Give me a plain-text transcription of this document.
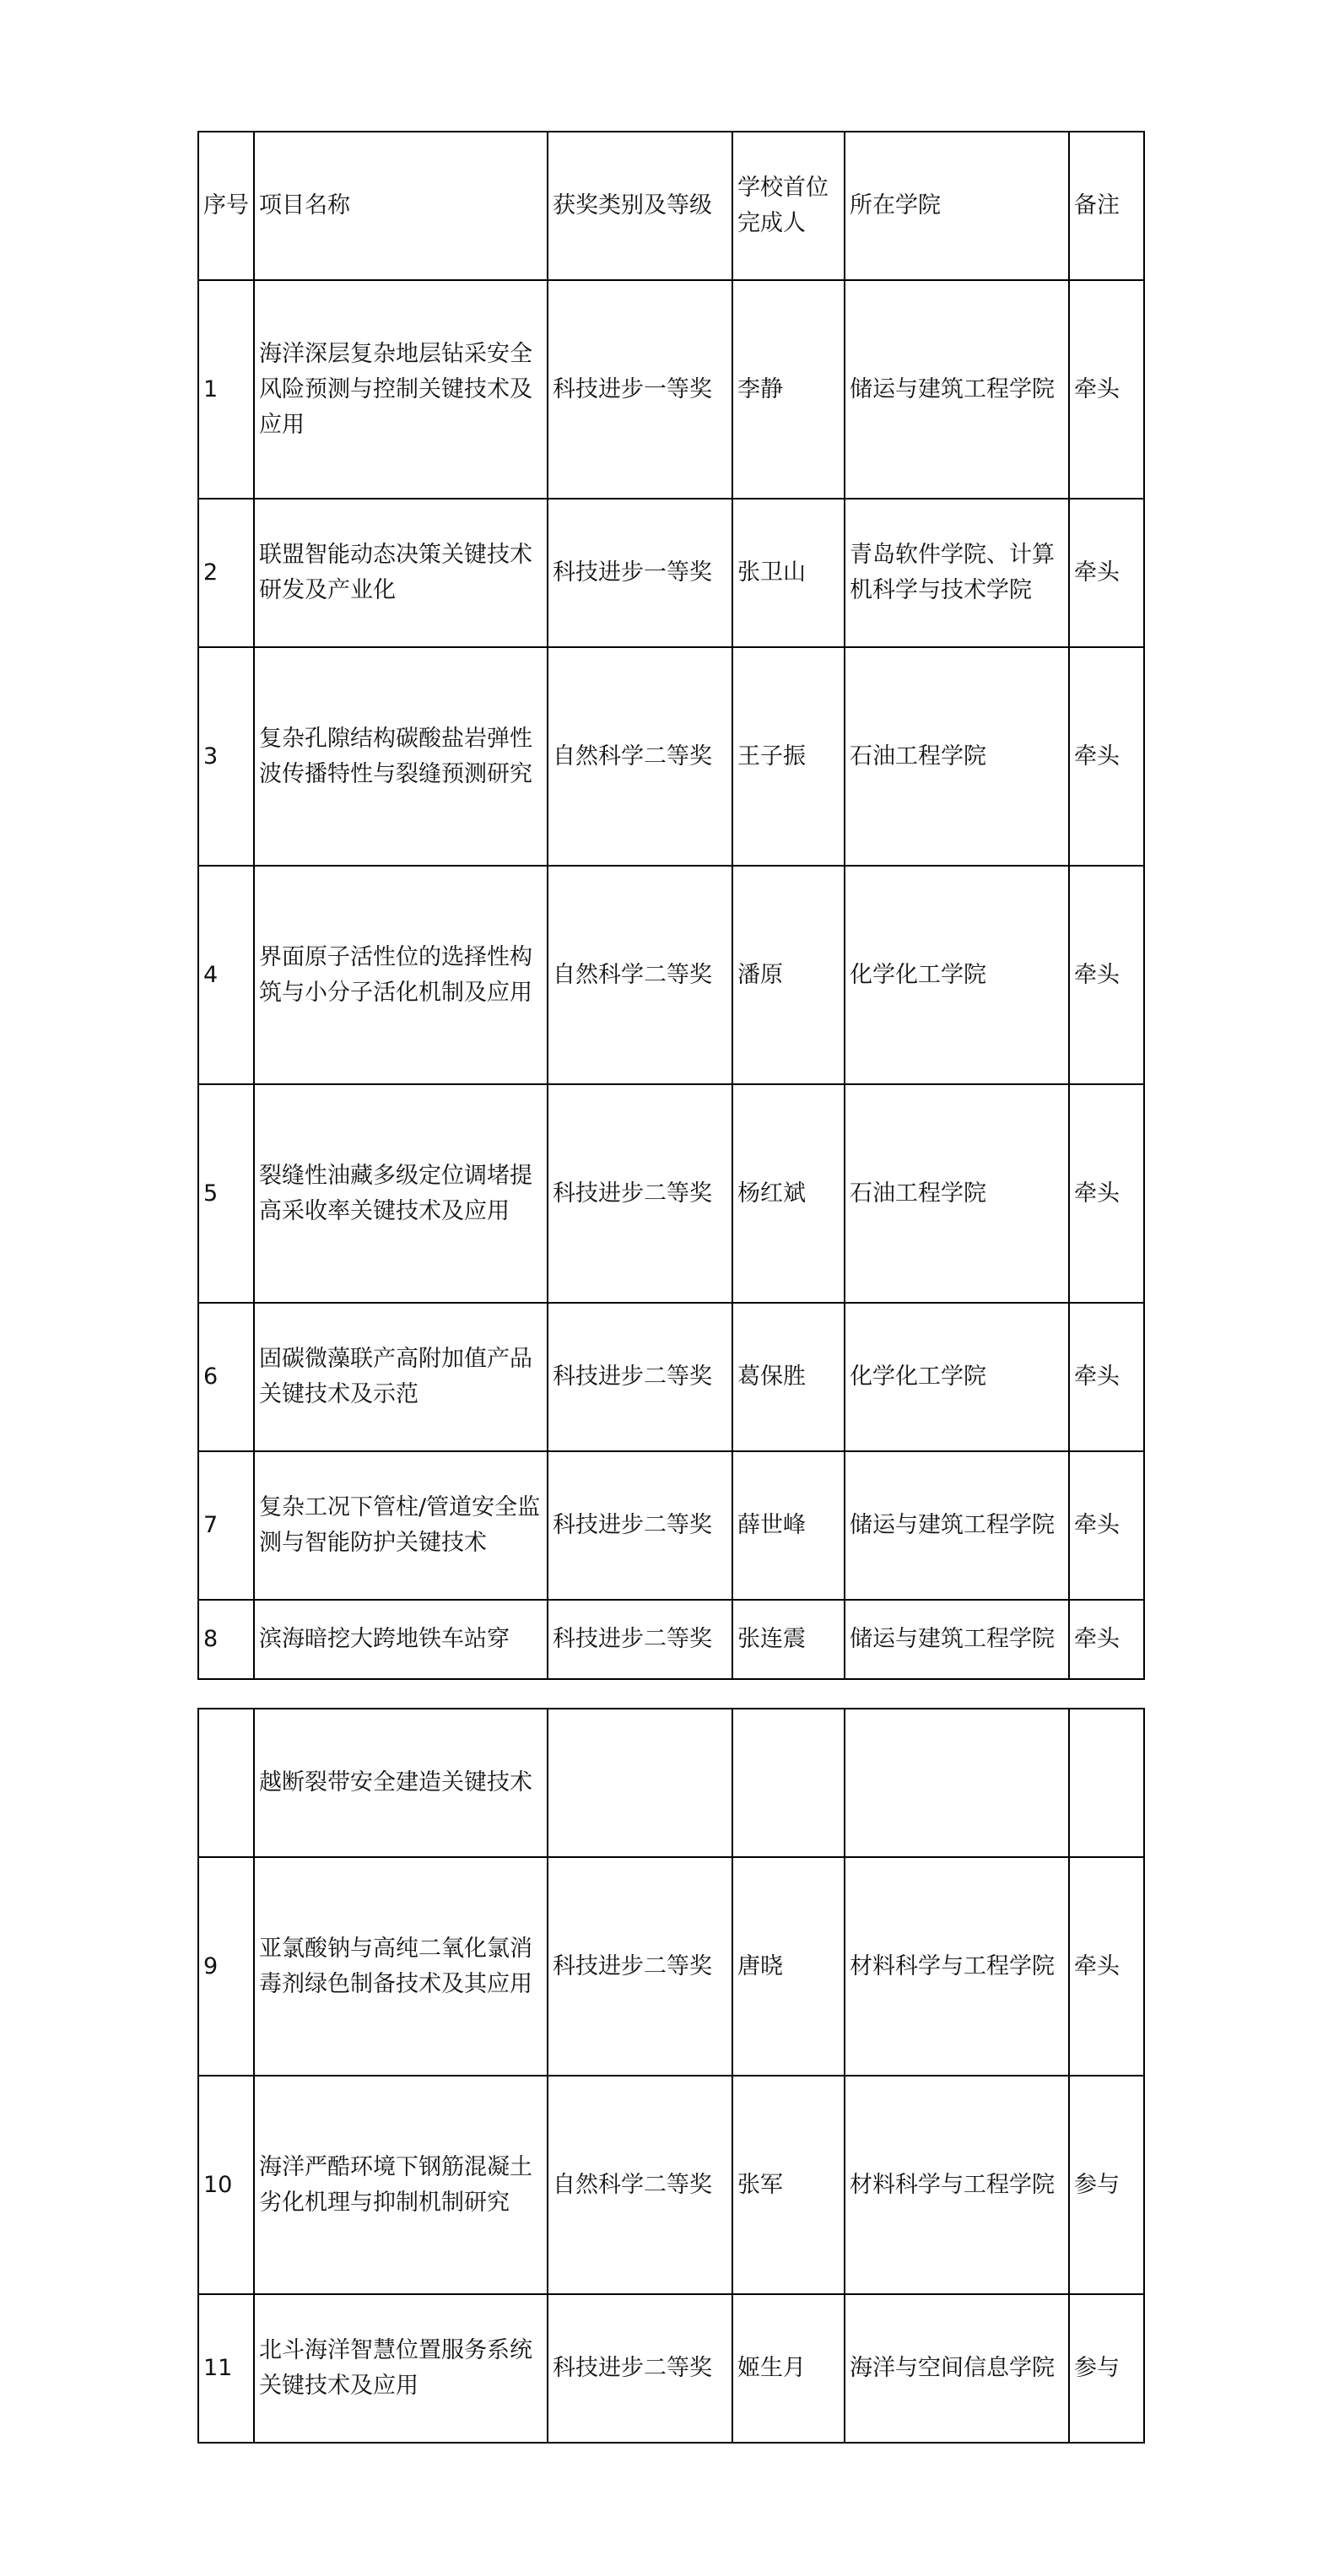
序号	项目名称	获奖类别及等级	学校首位完成人	所在学院	备注
1	海洋深层复杂地层钻采安全风险预测与控制关键技术及应用	科技进步一等奖	李静	储运与建筑工程学院	牵头
2	联盟智能动态决策关键技术研发及产业化	科技进步一等奖	张卫山	青岛软件学院、计算机科学与技术学院	牵头
3	复杂孔隙结构碳酸盐岩弹性波传播特性与裂缝预测研究	自然科学二等奖	王子振	石油工程学院	牵头
4	界面原子活性位的选择性构筑与小分子活化机制及应用	自然科学二等奖	潘原	化学化工学院	牵头
5	裂缝性油藏多级定位调堵提高采收率关键技术及应用	科技进步二等奖	杨红斌	石油工程学院	牵头
6	固碳微藻联产高附加值产品关键技术及示范	科技进步二等奖	葛保胜	化学化工学院	牵头
7	复杂工况下管柱/管道安全监测与智能防护关键技术	科技进步二等奖	薛世峰	储运与建筑工程学院	牵头
8	滨海暗挖大跨地铁车站穿	科技进步二等奖	张连震	储运与建筑工程学院	牵头
	越断裂带安全建造关键技术				
9	亚氯酸钠与高纯二氧化氯消毒剂绿色制备技术及其应用	科技进步二等奖	唐晓	材料科学与工程学院	牵头
10	海洋严酷环境下钢筋混凝土劣化机理与抑制机制研究	自然科学二等奖	张军	材料科学与工程学院	参与
11	北斗海洋智慧位置服务系统关键技术及应用	科技进步二等奖	姬生月	海洋与空间信息学院	参与
